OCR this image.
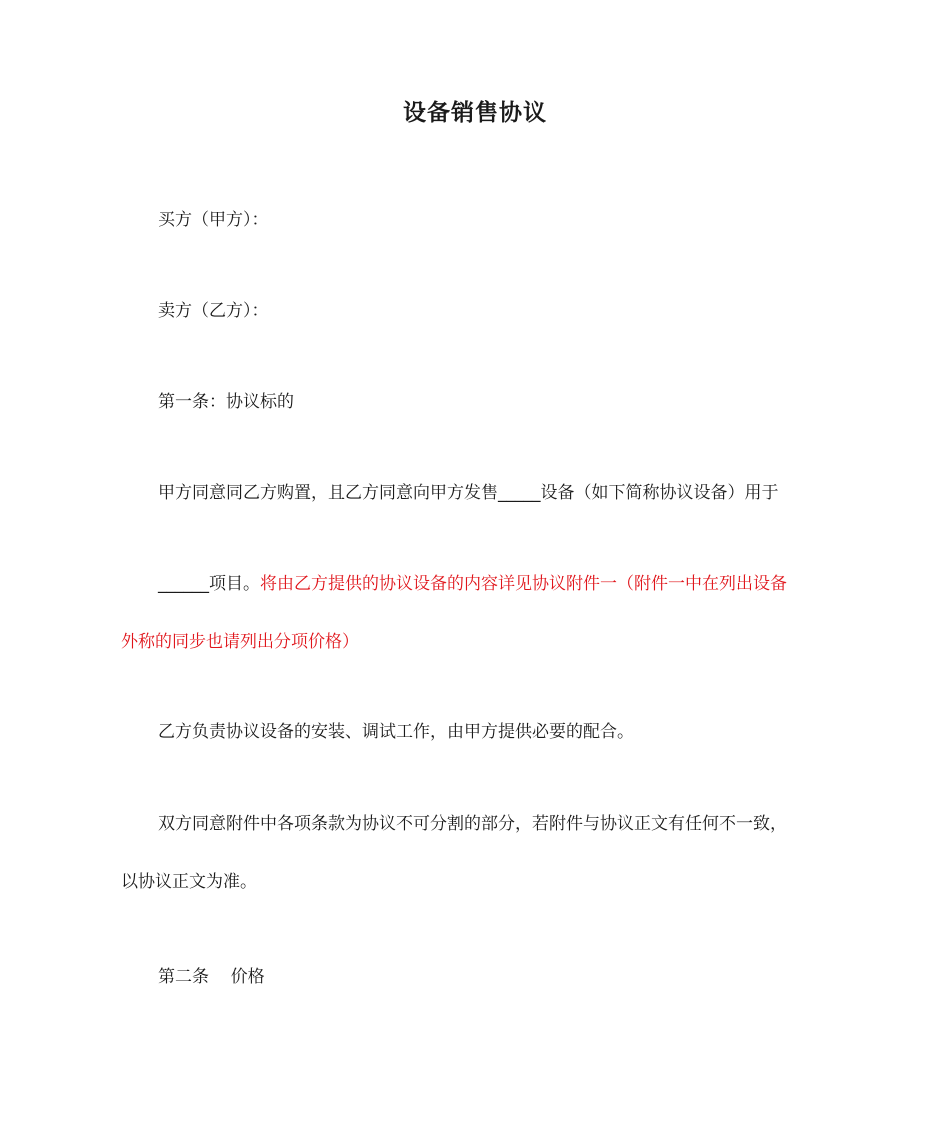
设备销售协议

买方（甲方）：

卖方（乙方）：

第一条：协议标的

甲方同意同乙方购置，且乙方同意向甲方发售_____设备（如下简称协议设备）用于

______项目。将由乙方提供的协议设备的内容详见协议附件一（附件一中在列出设备

外称的同步也请列出分项价格）

乙方负责协议设备的安装、调试工作，由甲方提供必要的配合。

双方同意附件中各项条款为协议不可分割的部分，若附件与协议正文有任何不一致，

以协议正文为准。

第二条    价格
